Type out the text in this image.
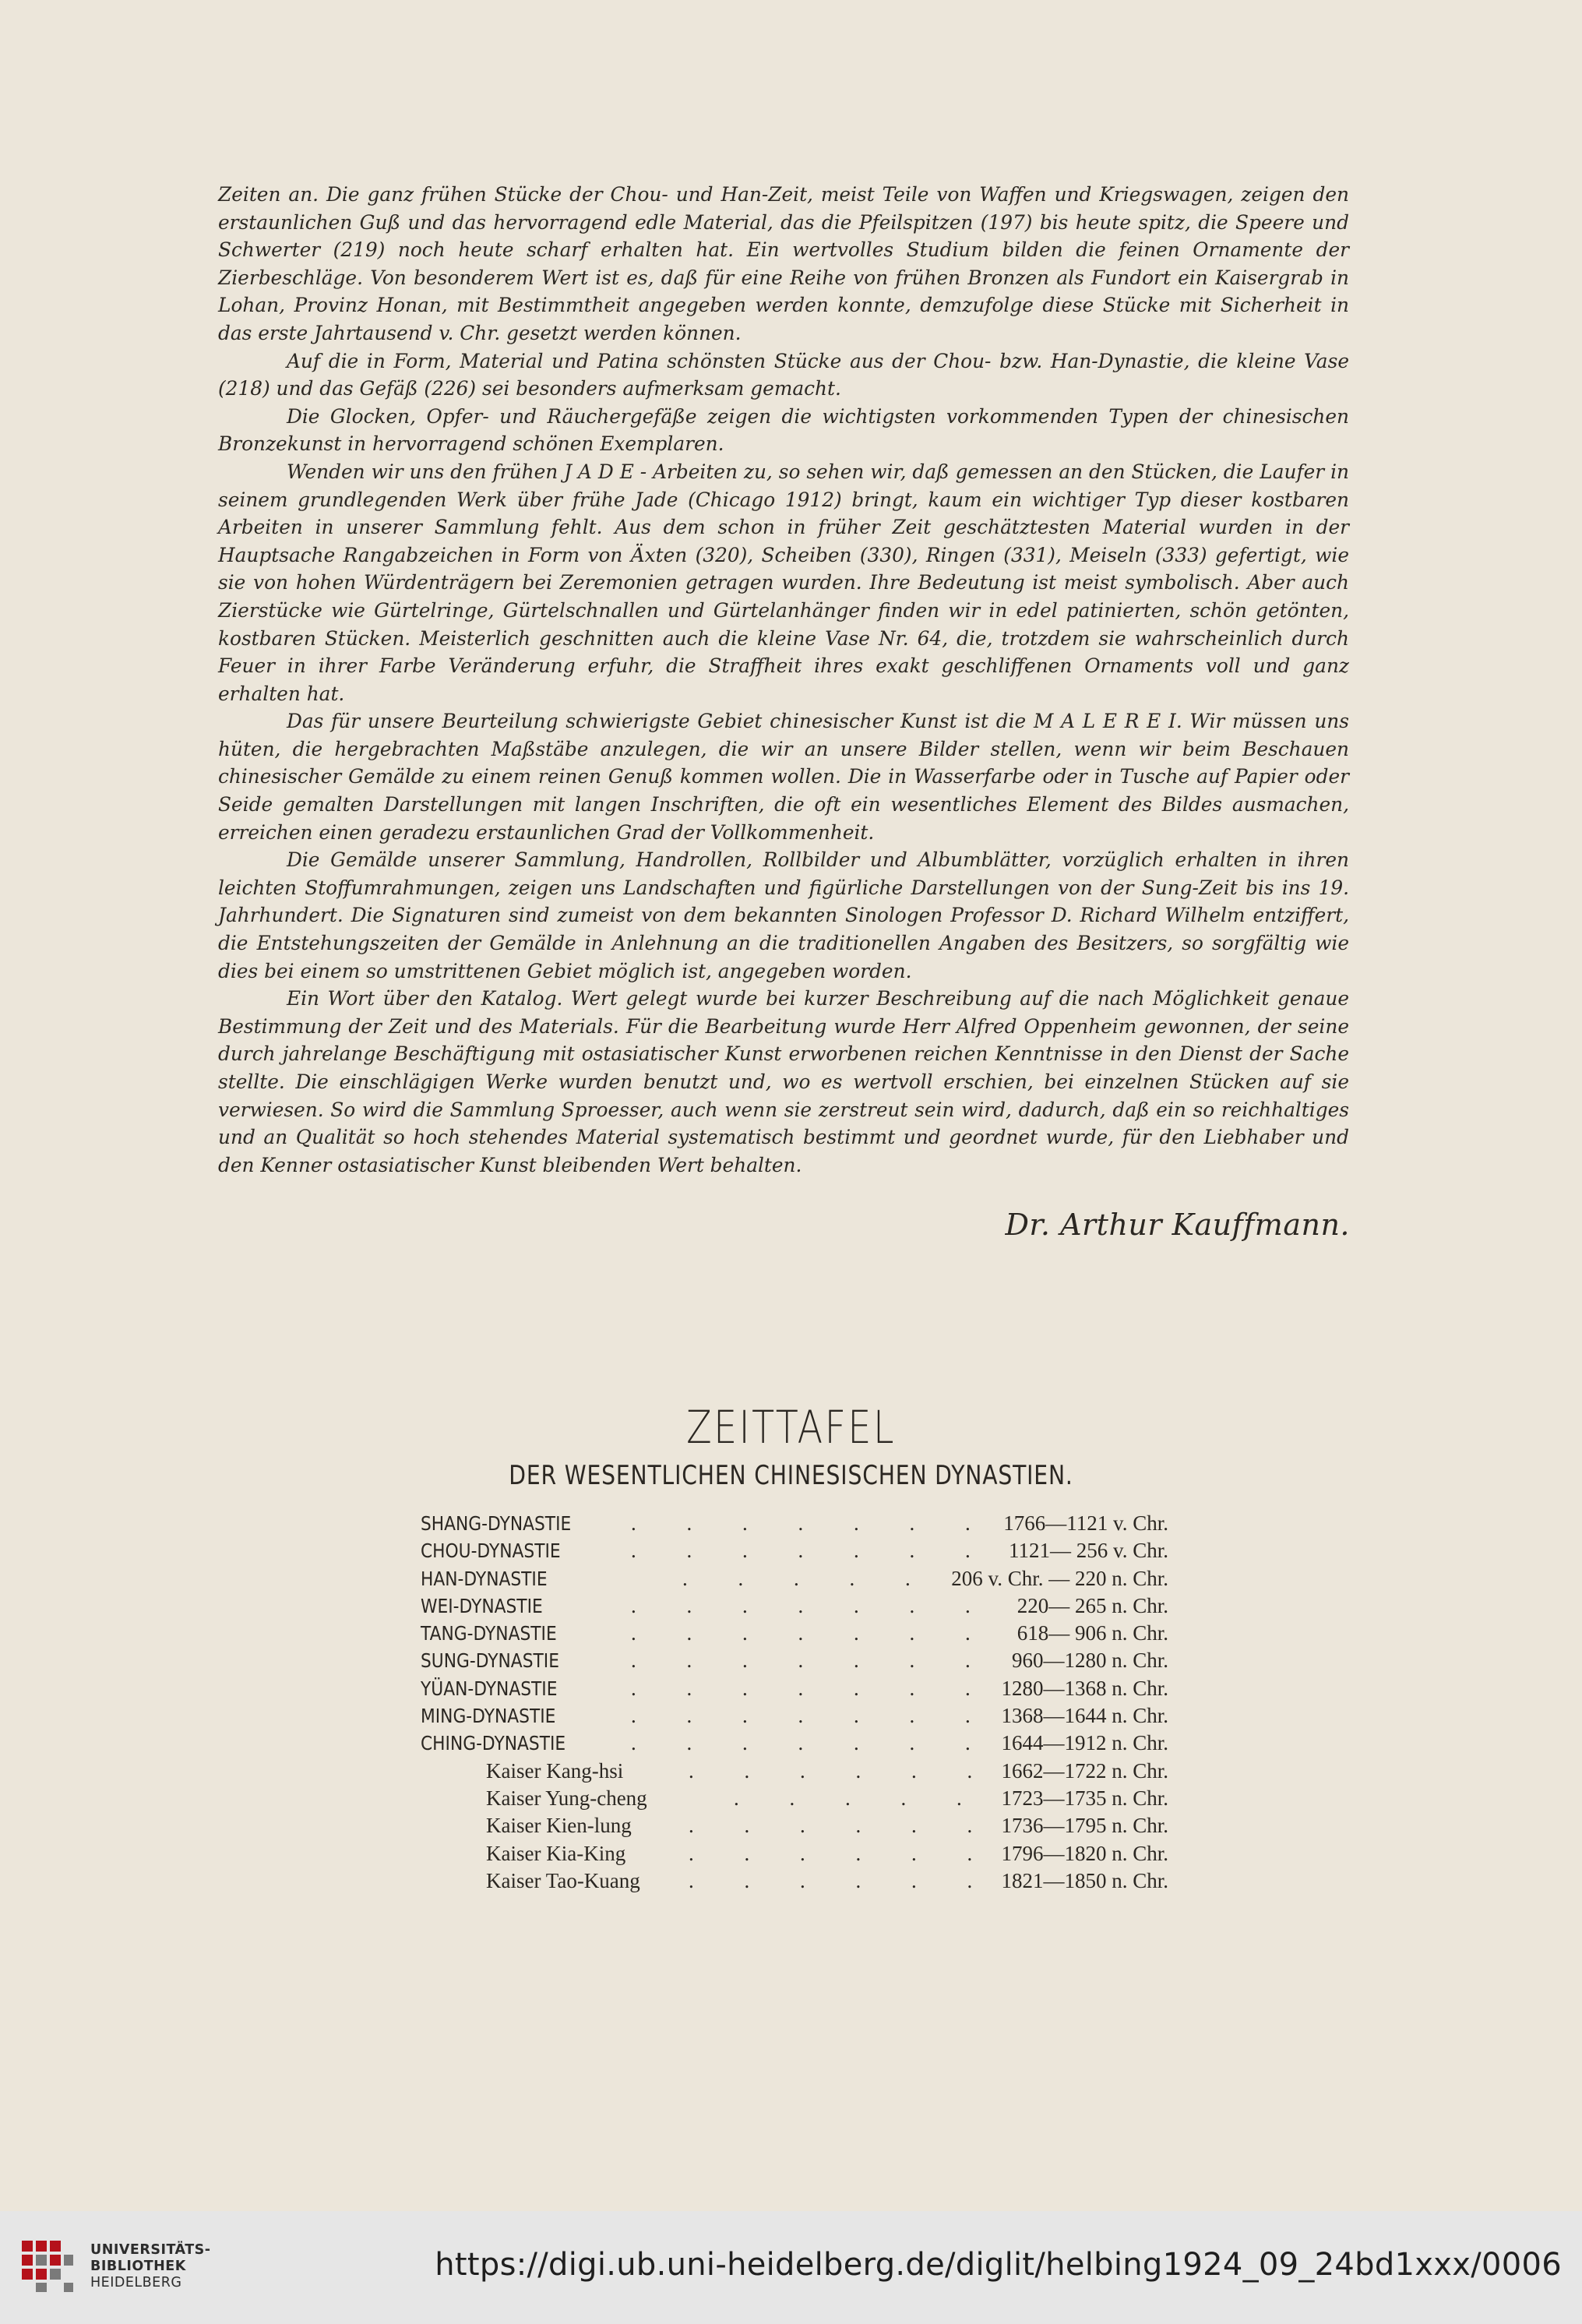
Zeiten an. Die ganz frühen Stücke der Chou- und Han-Zeit, meist Teile von Waffen und Kriegswagen, zeigen den erstaunlichen Guß und das hervorragend edle Material, das die Pfeilspitzen (197) bis heute spitz, die Speere und Schwerter (219) noch heute scharf erhalten hat. Ein wertvolles Studium bilden die feinen Ornamente der Zierbeschläge. Von besonderem Wert ist es, daß für eine Reihe von frühen Bronzen als Fundort ein Kaisergrab in Lohan, Provinz Honan, mit Bestimmtheit angegeben werden konnte, demzufolge diese Stücke mit Sicherheit in das erste Jahrtausend v. Chr. gesetzt werden können.

Auf die in Form, Material und Patina schönsten Stücke aus der Chou- bzw. Han-Dynastie, die kleine Vase (218) und das Gefäß (226) sei besonders aufmerksam gemacht.

Die Glocken, Opfer- und Räuchergefäße zeigen die wichtigsten vorkommenden Typen der chinesischen Bronzekunst in hervorragend schönen Exemplaren.

Wenden wir uns den frühen J A D E - Arbeiten zu, so sehen wir, daß gemessen an den Stücken, die Laufer in seinem grundlegenden Werk über frühe Jade (Chicago 1912) bringt, kaum ein wichtiger Typ dieser kostbaren Arbeiten in unserer Sammlung fehlt. Aus dem schon in früher Zeit geschätztesten Material wurden in der Hauptsache Rangabzeichen in Form von Äxten (320), Scheiben (330), Ringen (331), Meiseln (333) gefertigt, wie sie von hohen Würdenträgern bei Zeremonien getragen wurden. Ihre Bedeutung ist meist symbolisch. Aber auch Zierstücke wie Gürtelringe, Gürtelschnallen und Gürtelanhänger finden wir in edel patinierten, schön getönten, kostbaren Stücken. Meisterlich geschnitten auch die kleine Vase Nr. 64, die, trotzdem sie wahrscheinlich durch Feuer in ihrer Farbe Veränderung erfuhr, die Straffheit ihres exakt geschliffenen Ornaments voll und ganz erhalten hat.

Das für unsere Beurteilung schwierigste Gebiet chinesischer Kunst ist die M A L E R E I. Wir müssen uns hüten, die hergebrachten Maßstäbe anzulegen, die wir an unsere Bilder stellen, wenn wir beim Beschauen chinesischer Gemälde zu einem reinen Genuß kommen wollen. Die in Wasserfarbe oder in Tusche auf Papier oder Seide gemalten Darstellungen mit langen Inschriften, die oft ein wesentliches Element des Bildes ausmachen, erreichen einen geradezu erstaunlichen Grad der Vollkommenheit.

Die Gemälde unserer Sammlung, Handrollen, Rollbilder und Albumblätter, vorzüglich erhalten in ihren leichten Stoffumrahmungen, zeigen uns Landschaften und figürliche Darstellungen von der Sung-Zeit bis ins 19. Jahrhundert. Die Signaturen sind zumeist von dem bekannten Sinologen Professor D. Richard Wilhelm entziffert, die Entstehungszeiten der Gemälde in Anlehnung an die traditionellen Angaben des Besitzers, so sorgfältig wie dies bei einem so umstrittenen Gebiet möglich ist, angegeben worden.

Ein Wort über den Katalog. Wert gelegt wurde bei kurzer Beschreibung auf die nach Möglichkeit genaue Bestimmung der Zeit und des Materials. Für die Bearbeitung wurde Herr Alfred Oppenheim gewonnen, der seine durch jahrelange Beschäftigung mit ostasiatischer Kunst erworbenen reichen Kenntnisse in den Dienst der Sache stellte. Die einschlägigen Werke wurden benutzt und, wo es wertvoll erschien, bei einzelnen Stücken auf sie verwiesen. So wird die Sammlung Sproesser, auch wenn sie zerstreut sein wird, dadurch, daß ein so reichhaltiges und an Qualität so hoch stehendes Material systematisch bestimmt und geordnet wurde, für den Liebhaber und den Kenner ostasiatischer Kunst bleibenden Wert behalten.

Dr. Arthur Kauffmann.
ZEITTAFEL
DER WESENTLICHEN CHINESISCHEN DYNASTIEN.
SHANG-DYNASTIE	. . . . . . . 1766—1121 v. Chr.
CHOU-DYNASTIE	. . . . . . . 1121— 256 v. Chr.
HAN-DYNASTIE	. . . . . 206 v. Chr. — 220 n. Chr.
WEI-DYNASTIE	. . . . . . . 220— 265 n. Chr.
TANG-DYNASTIE	. . . . . . . 618— 906 n. Chr.
SUNG-DYNASTIE	. . . . . . . 960—1280 n. Chr.
YÜAN-DYNASTIE	. . . . . . . 1280—1368 n. Chr.
MING-DYNASTIE	. . . . . . . 1368—1644 n. Chr.
CHING-DYNASTIE	. . . . . . . 1644—1912 n. Chr.
Kaiser Kang-hsi	. . . . . . 1662—1722 n. Chr.
Kaiser Yung-cheng	. . . . . 1723—1735 n. Chr.
Kaiser Kien-lung	. . . . . . 1736—1795 n. Chr.
Kaiser Kia-King	. . . . . . 1796—1820 n. Chr.
Kaiser Tao-Kuang . . . . . . 1821—1850 n. Chr.
UNIVERSITÄTS-
BIBLIOTHEK
HEIDELBERG	https://digi.ub.uni-heidelberg.de/diglit/helbing1924_09_24bd1xxx/0006
